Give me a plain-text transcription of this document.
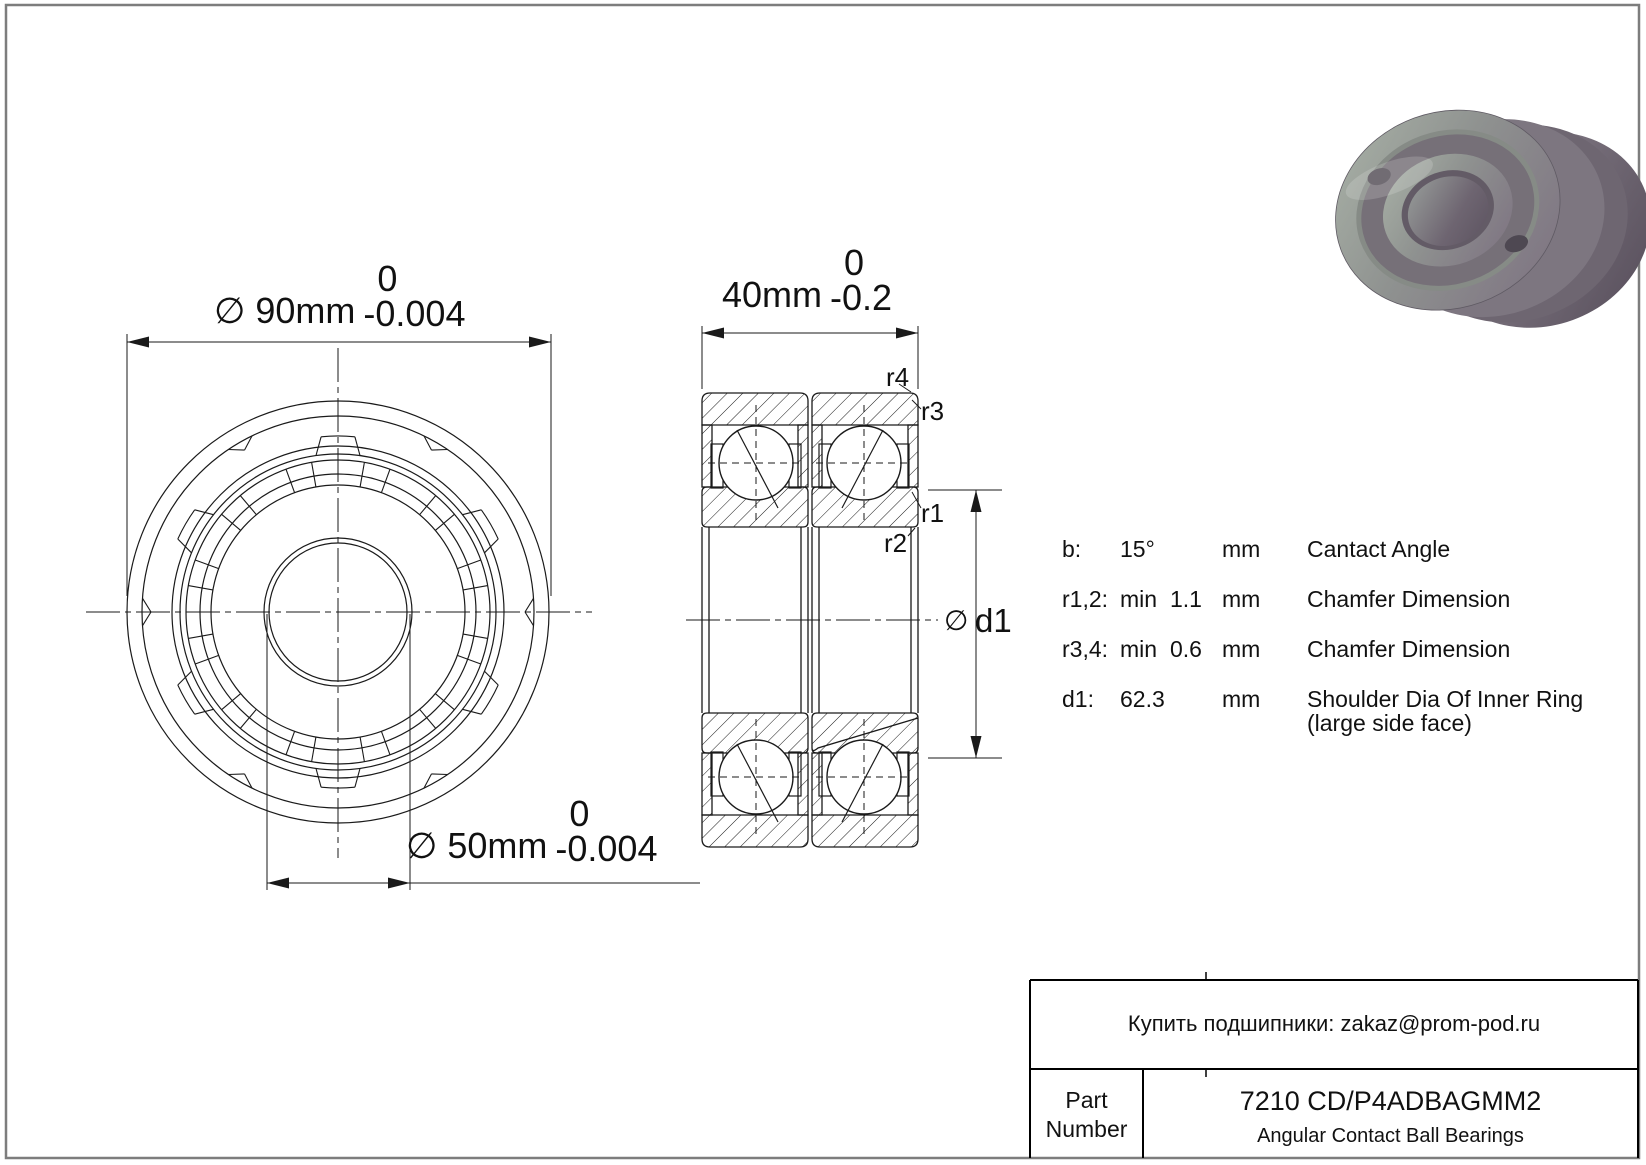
∅ 90mm
0
-0.004	40mm
0
-0.2
∅ 50mm
0
-0.004
r4
r3
r1
r2
∅ d1
b: 15°	mm Cantact Angle
r1,2: min 1.1 mm Chamfer Dimension
r3,4: min 0.6 mm Chamfer Dimension
d1: 62.3 mm Shoulder Dia Of Inner Ring
(large side face)
Купить подшипники: zakaz@prom-pod.ru
Part
Number
7210 CD/P4ADBAGMM2
Angular Contact Ball Bearings
